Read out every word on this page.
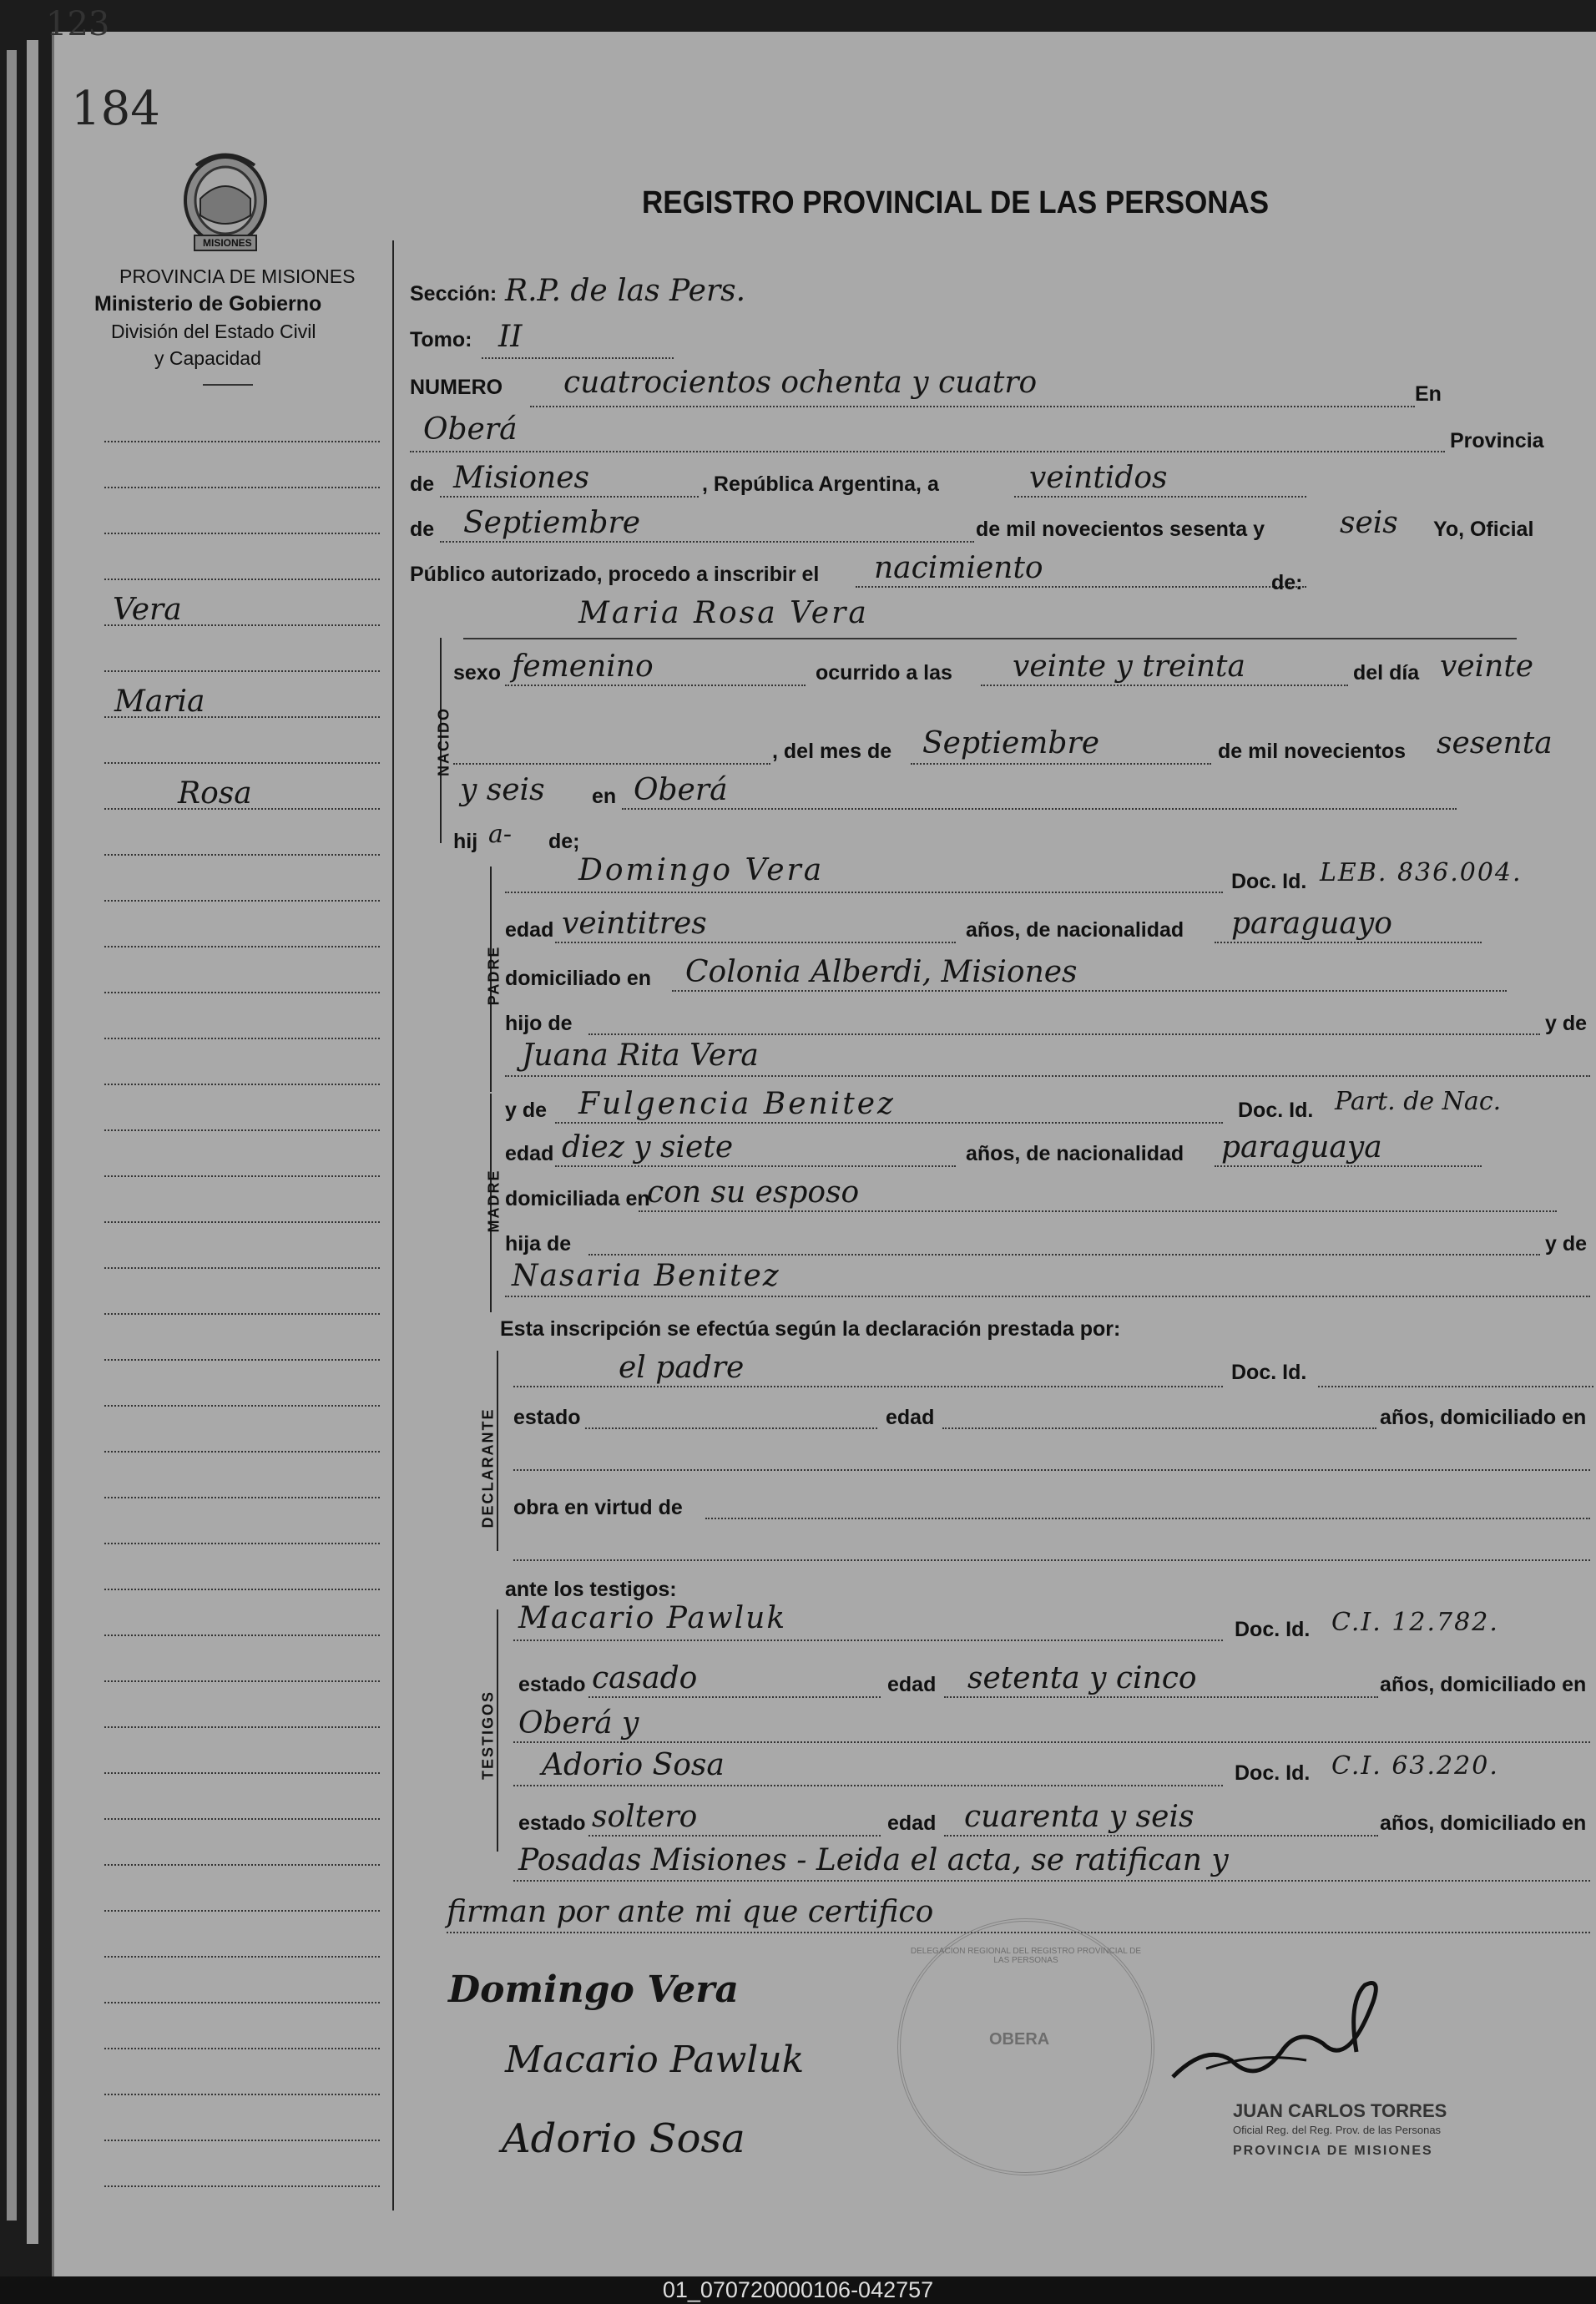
123
184
MISIONES
PROVINCIA DE MISIONES
Ministerio de Gobierno
División del Estado Civil
y Capacidad
REGISTRO PROVINCIAL DE LAS PERSONAS
Vera
Maria
Rosa
Sección: R.P. de las Pers.
Tomo: II
NUMERO cuatrocientos ochenta y cuatro	En
Oberá	Provincia
de Misiones	, República Argentina, a	veintidos
de Septiembre	de mil novecientos sesenta y	seis Yo, Oficial
Público autorizado, procedo a inscribir el nacimiento	de:
Maria Rosa Vera
NACIDO
sexo femenino	ocurrido a las veinte y treinta	del día veinte
, del mes de Septiembre	de mil novecientos sesenta
y seis en Oberá
hij a- de;
PADRE
Domingo Vera	Doc. Id. LEB. 836.004.
edad veintitres	años, de nacionalidad paraguayo
domiciliado en Colonia Alberdi, Misiones
hijo de	y de
Juana Rita Vera
MADRE
y de Fulgencia Benitez	Doc. Id. Part. de Nac.
edad diez y siete	años, de nacionalidad paraguaya
domiciliada en
con su esposo
hija de	y de
Nasaria Benitez
Esta inscripción se efectúa según la declaración prestada por:
DECLARANTE
el padre	Doc. Id.
estado	edad	años, domiciliado en
obra en virtud de
ante los testigos:
TESTIGOS
Macario Pawluk	Doc. Id. C.I. 12.782.
estado casado	edad setenta y cinco	años, domiciliado en
Oberá y
Adorio Sosa	Doc. Id. C.I. 63.220.
estado soltero	edad cuarenta y seis	años, domiciliado en
Posadas Misiones - Leida el acta, se ratifican y
firman por ante mi que certifico
Domingo Vera
Macario Pawluk
Adorio Sosa
DELEGACION REGIONAL DEL REGISTRO PROVINCIAL DE LAS PERSONAS
OBERA
JUAN CARLOS TORRES
Oficial Reg. del Reg. Prov. de las Personas
PROVINCIA DE MISIONES
01_070720000106-042757
